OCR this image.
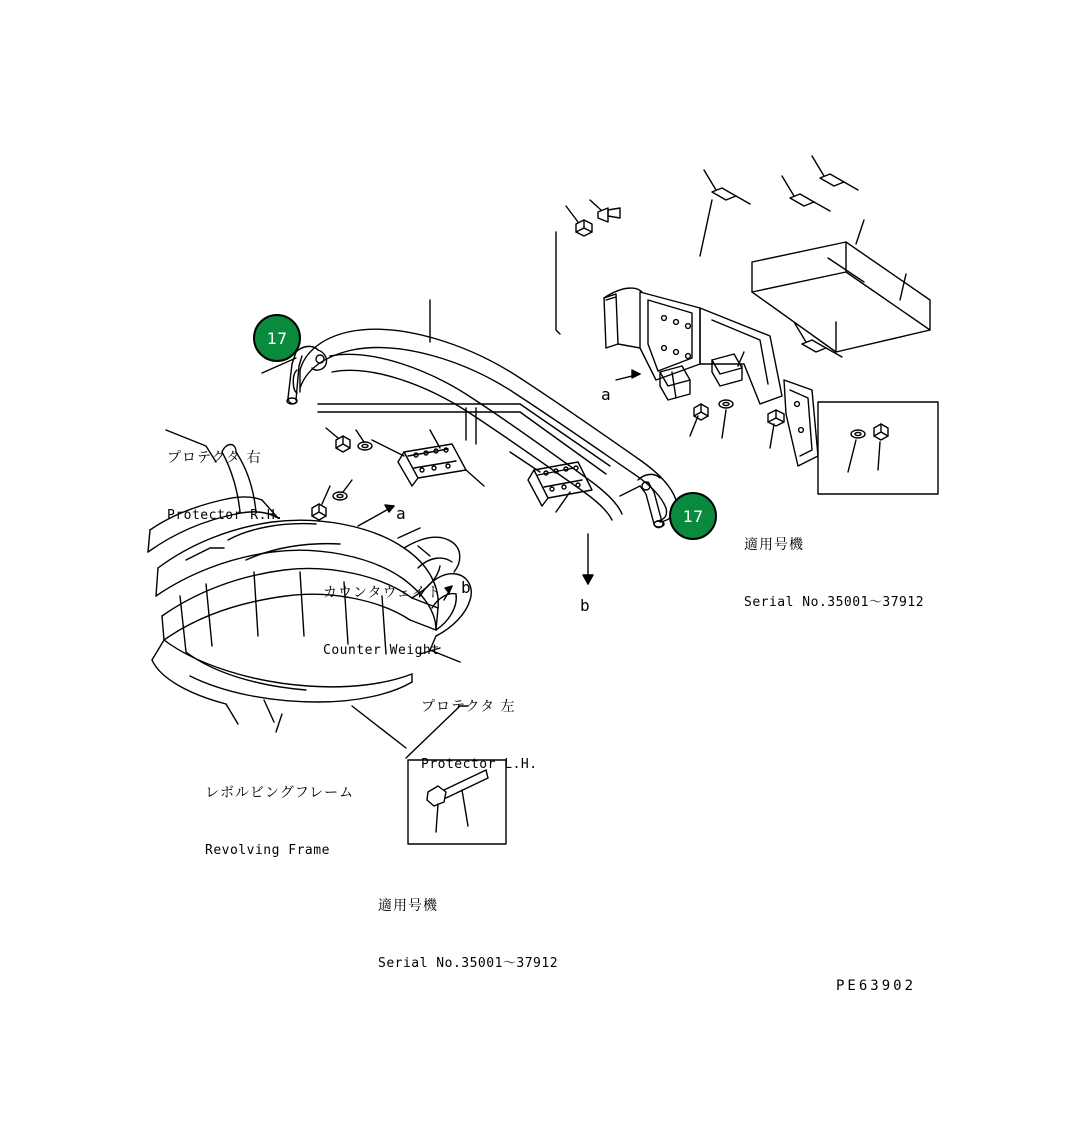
17
17
a
a
b
b

プロテクタ 右

Protector R.H.

カウンタウェイト

Counter Weight

プロテクタ 左

Protector L.H.

レボルビングフレーム

Revolving Frame

適用号機

Serial No.35001～37912

適用号機

Serial No.35001～37912

PE63902
